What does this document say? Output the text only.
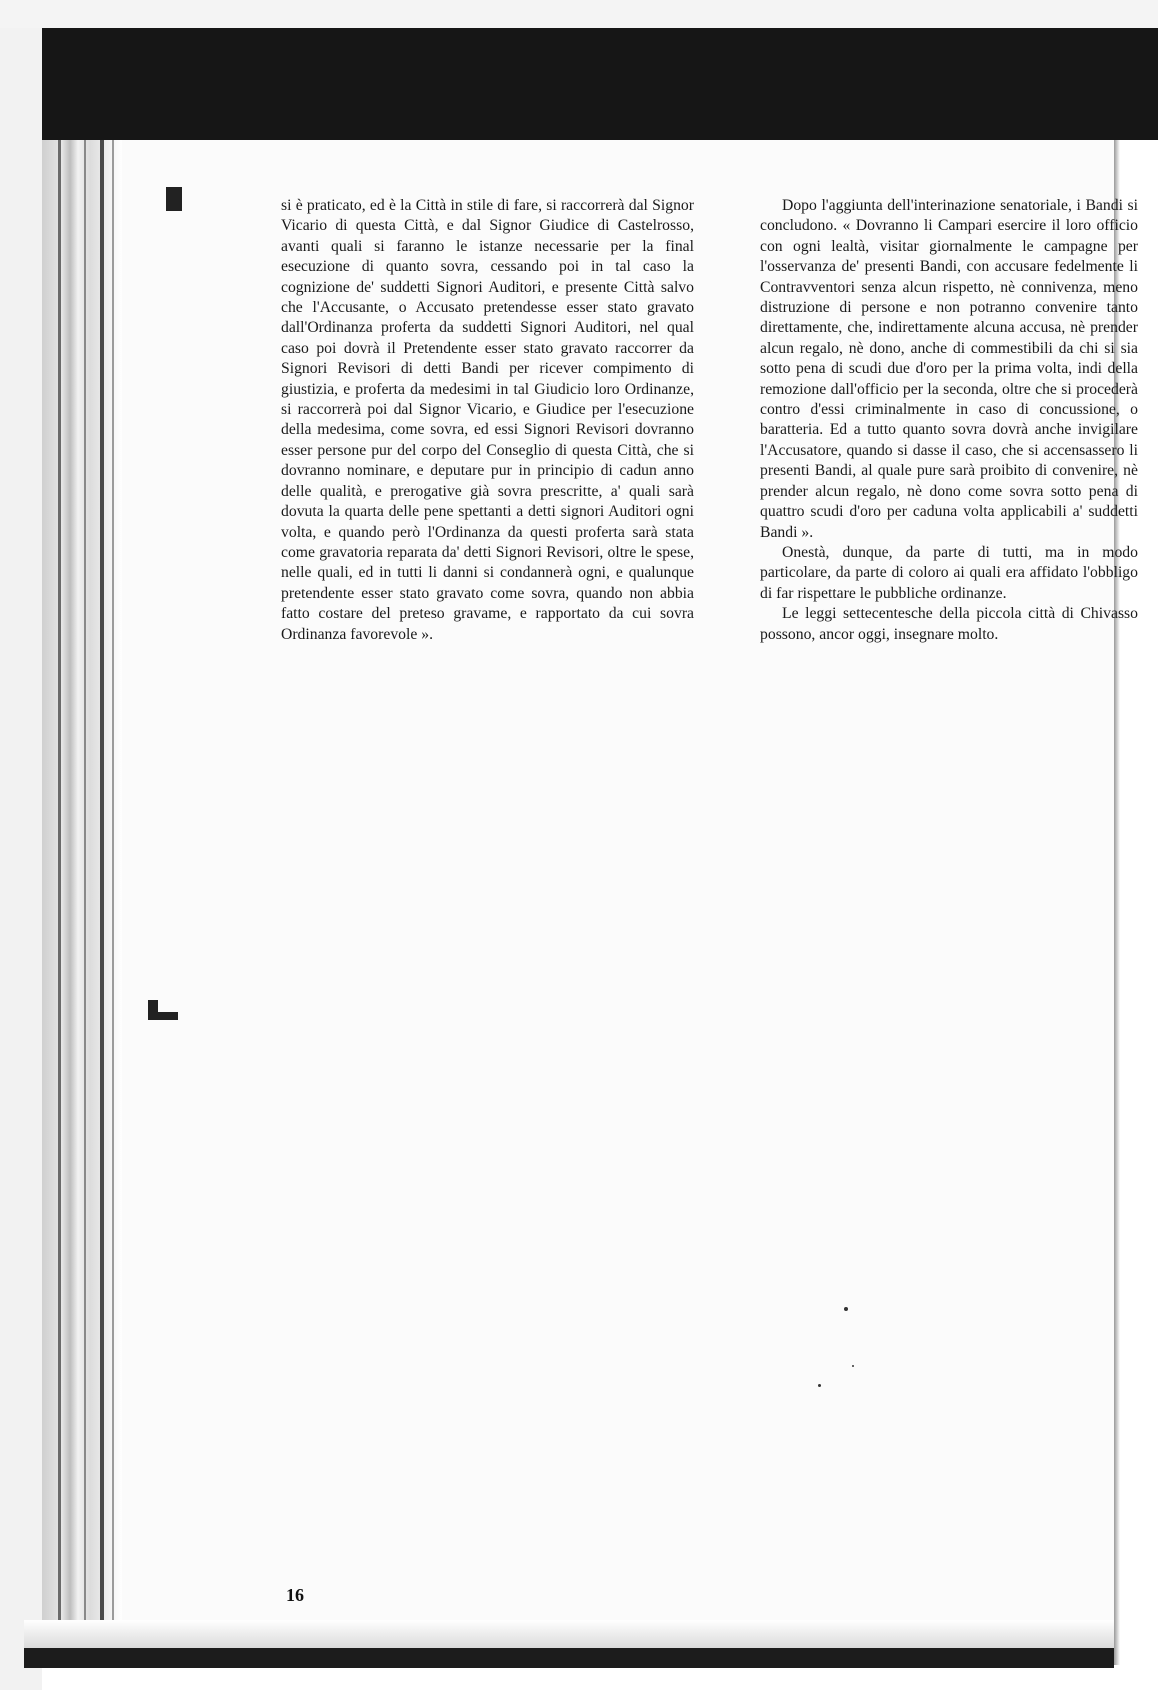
si è praticato, ed è la Città in stile di fare, si raccorrerà dal Signor Vicario di questa Città, e dal Signor Giudice di Castelrosso, avanti quali si faranno le istanze necessarie per la final esecuzione di quanto sovra, cessando poi in tal caso la cognizione de' suddetti Signori Auditori, e presente Città salvo che l'Accusante, o Accusato pretendesse esser stato gravato dall'Ordinanza proferta da suddetti Signori Auditori, nel qual caso poi dovrà il Pretendente esser stato gravato raccorrer da Signori Revisori di detti Bandi per ricever compimento di giustizia, e proferta da medesimi in tal Giudicio loro Ordinanze, si raccorrerà poi dal Signor Vicario, e Giudice per l'esecuzione della medesima, come sovra, ed essi Signori Revisori dovranno esser persone pur del corpo del Conseglio di questa Città, che si dovranno nominare, e deputare pur in principio di cadun anno delle qualità, e prerogative già sovra prescritte, a' quali sarà dovuta la quarta delle pene spettanti a detti signori Auditori ogni volta, e quando però l'Ordinanza da questi proferta sarà stata come gravatoria reparata da' detti Signori Revisori, oltre le spese, nelle quali, ed in tutti li danni si condannerà ogni, e qualunque pretendente esser stato gravato come sovra, quando non abbia fatto costare del preteso gravame, e rapportato da cui sovra Ordinanza favorevole ».

Dopo l'aggiunta dell'interinazione senatoriale, i Bandi si concludono. « Dovranno li Campari esercire il loro officio con ogni lealtà, visitar giornalmente le campagne per l'osservanza de' presenti Bandi, con accusare fedelmente li Contravventori senza alcun rispetto, nè connivenza, meno distruzione di persone e non potranno convenire tanto direttamente, che, indirettamente alcuna accusa, nè prender alcun regalo, nè dono, anche di commestibili da chi si sia sotto pena di scudi due d'oro per la prima volta, indi della remozione dall'officio per la seconda, oltre che si procederà contro d'essi criminalmente in caso di concussione, o baratteria. Ed a tutto quanto sovra dovrà anche invigilare l'Accusatore, quando si dasse il caso, che si accensassero li presenti Bandi, al quale pure sarà proibito di convenire, nè prender alcun regalo, nè dono come sovra sotto pena di quattro scudi d'oro per caduna volta applicabili a' suddetti Bandi ».

Onestà, dunque, da parte di tutti, ma in modo particolare, da parte di coloro ai quali era affidato l'obbligo di far rispettare le pubbliche ordinanze.

Le leggi settecentesche della piccola città di Chivasso possono, ancor oggi, insegnare molto.

16
